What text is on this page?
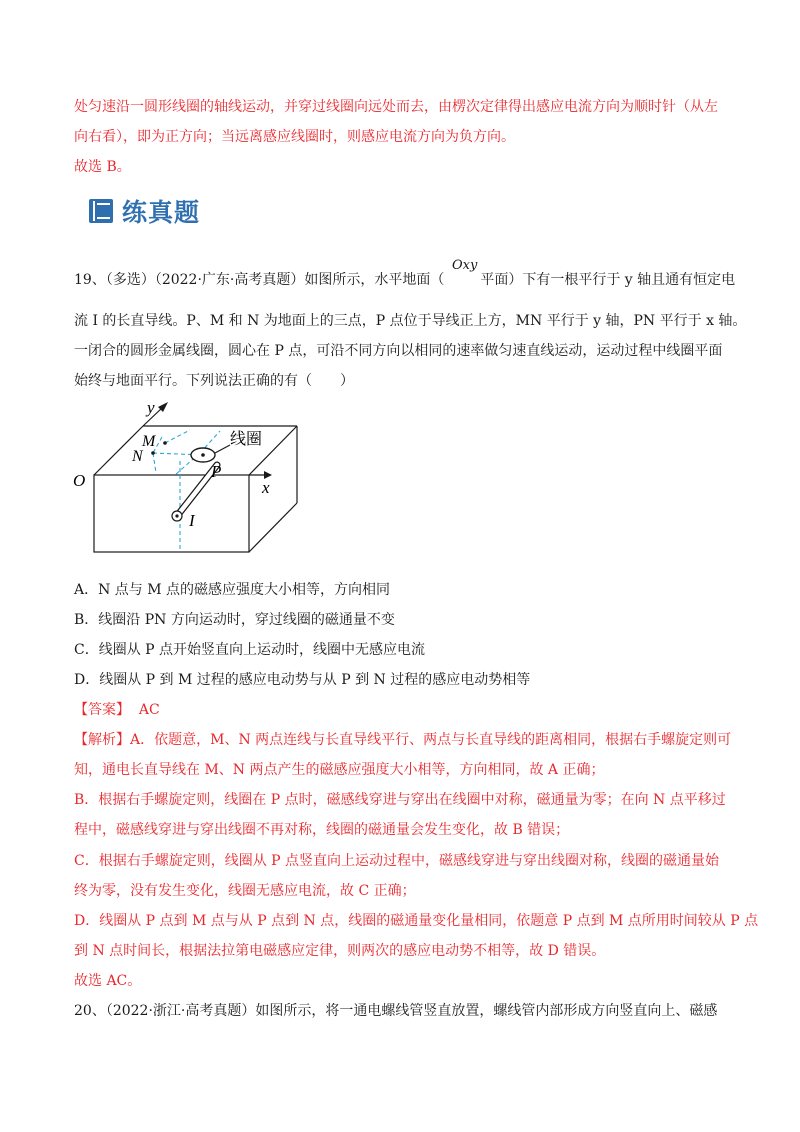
处匀速沿一圆形线圈的轴线运动，并穿过线圈向远处而去，由楞次定律得出感应电流方向为顺时针（从左
向右看），即为正方向；当远离感应线圈时，则感应电流方向为负方向。
故选 B。
练真题
Oxy
19、（多选）（2022·广东·高考真题）如图所示，水平地面（	平面）下有一根平行于 y 轴且通有恒定电
流 I 的长直导线。P、M 和 N 为地面上的三点，P 点位于导线正上方，MN 平行于 y 轴，PN 平行于 x 轴。
一闭合的圆形金属线圈，圆心在 P 点，可沿不同方向以相同的速率做匀速直线运动，运动过程中线圈平面
始终与地面平行。下列说法正确的有（　　）
y
x
O
M
N
P
I
线圈
A．N 点与 M 点的磁感应强度大小相等，方向相同
B．线圈沿 PN 方向运动时，穿过线圈的磁通量不变
C．线圈从 P 点开始竖直向上运动时，线圈中无感应电流
D．线圈从 P 到 M 过程的感应电动势与从 P 到 N 过程的感应电动势相等
【答案】 AC
【解析】A．依题意，M、N 两点连线与长直导线平行、两点与长直导线的距离相同，根据右手螺旋定则可
知，通电长直导线在 M、N 两点产生的磁感应强度大小相等，方向相同，故 A 正确；
B．根据右手螺旋定则，线圈在 P 点时，磁感线穿进与穿出在线圈中对称，磁通量为零；在向 N 点平移过
程中，磁感线穿进与穿出线圈不再对称，线圈的磁通量会发生变化，故 B 错误；
C．根据右手螺旋定则，线圈从 P 点竖直向上运动过程中，磁感线穿进与穿出线圈对称，线圈的磁通量始
终为零，没有发生变化，线圈无感应电流，故 C 正确；
D．线圈从 P 点到 M 点与从 P 点到 N 点，线圈的磁通量变化量相同，依题意 P 点到 M 点所用时间较从 P 点
到 N 点时间长，根据法拉第电磁感应定律，则两次的感应电动势不相等，故 D 错误。
故选 AC。
20、（2022·浙江·高考真题）如图所示，将一通电螺线管竖直放置，螺线管内部形成方向竖直向上、磁感
